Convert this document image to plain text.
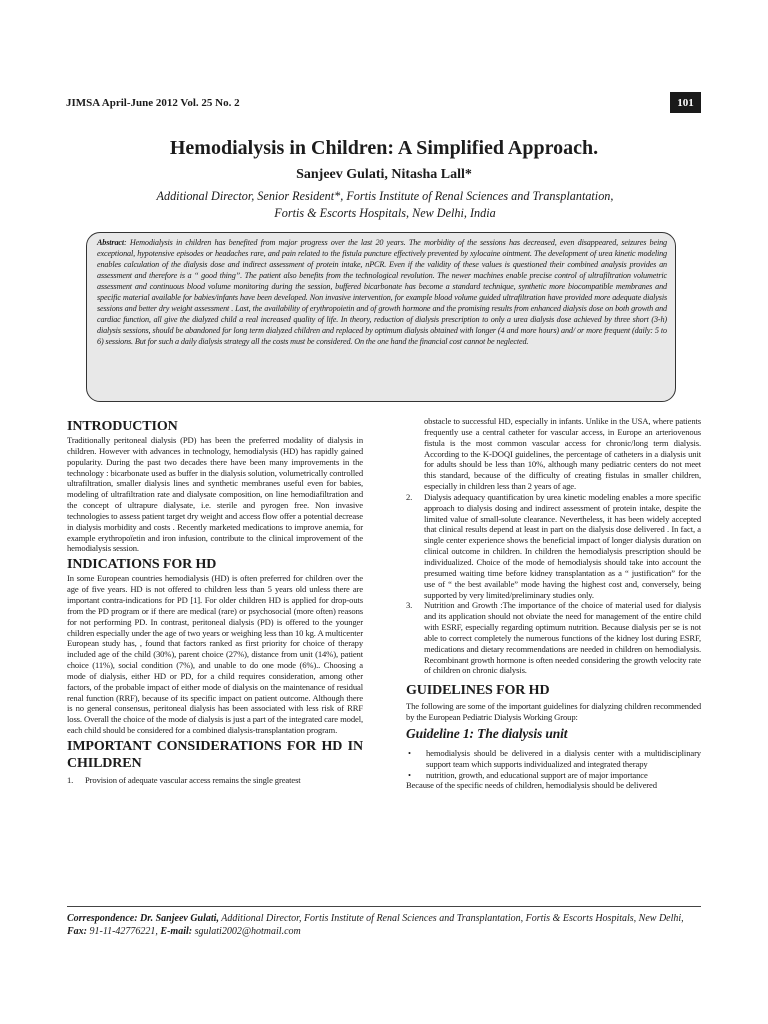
JIMSA April-June 2012 Vol. 25 No. 2	101
Hemodialysis in Children: A Simplified Approach.
Sanjeev Gulati, Nitasha Lall*
Additional Director, Senior Resident*, Fortis Institute of Renal Sciences and Transplantation,
Fortis & Escorts Hospitals, New Delhi, India
Abstract: Hemodialysis in children has benefited from major progress over the last 20 years. The morbidity of the sessions has decreased, even disappeared, seizures being exceptional, hypotensive episodes or headaches rare, and pain related to the fistula puncture effectively prevented by xylocaine ointment. The development of urea kinetic modeling enables calculation of the dialysis dose and indirect assessment of protein intake, nPCR. Even if the validity of these values is questioned their combined analysis provides an assessment and therefore is a “ good thing”. The patient also benefits from the technological revolution. The newer machines enable precise control of ultrafiltration volumetric assessment and continuous blood volume monitoring during the session, buffered bicarbonate has become a standard technique, synthetic more biocompatible membranes and specific material available for babies/infants have been developed. Non invasive intervention, for example blood volume guided ultrafiltration have provided more adequate dialysis sessions and better dry weight assessment . Last, the availability of erythropoietin and of growth hormone and the promising results from enhanced dialysis dose on both growth and cardiac function, all give the dialyzed child a real increased quality of life. In theory, reduction of dialysis prescription to only a urea dialysis dose achieved by three short (3-h) dialysis sessions, should be abandoned for long term dialyzed children and replaced by optimum dialysis obtained with longer (4 and more hours) and/ or more frequent (daily: 5 to 6) sessions. But for such a daily dialysis strategy all the costs must be considered. On the one hand the financial cost cannot be neglected.
INTRODUCTION

Traditionally peritoneal dialysis (PD) has been the preferred modality of dialysis in children. However with advances in technology, hemodialysis (HD) has rapidly gained popularity. During the past two decades there have been many improvements in the technology : bicarbonate used as buffer in the dialysis solution, volumetrically controlled ultrafiltration, smaller dialysis lines and synthetic membranes useful even for babies, modeling of ultrafiltration rate and dialysate composition, on line hemodiafiltration and the concept of ultrapure dialysate, i.e. sterile and pyrogen free. Non invasive technologies to assess patient target dry weight and access flow offer a potential decrease in dialysis morbidity and costs . Recently marketed medications to improve anemia, for example erythropoïetin and iron infusion, contribute to the clinical improvement of the hemodialysis session.

INDICATIONS FOR HD

In some European countries hemodialysis (HD) is often preferred for children over the age of five years. HD is not offered to children less than 5 years old unless there are important contra-indications for PD [1]. For older children HD is applied for drop-outs from the PD program or if there are medical (rare) or psychosocial (more often) reasons for not performing PD. In contrast, peritoneal dialysis (PD) is offered to the younger children especially under the age of two years or weighing less than 10 kg. A multicenter European study has, , found that factors ranked as first priority for choice of therapy included age of the child (30%), parent choice (27%), distance from unit (14%), patient choice (11%), social condition (7%), and unable to do one mode (6%).. Choosing a mode of dialysis, either HD or PD, for a child requires consideration, among other factors, of the probable impact of either mode of dialysis on the maintenance of residual renal function (RRF), because of its specific impact on patient outcome. Although there is no general consensus, peritoneal dialysis has been associated with less risk of RRF loss. Overall the choice of the mode of dialysis is just a part of the integrated care model, each child should be considered for a combined dialysis-transplantation program.

IMPORTANT CONSIDERATIONS FOR HD IN CHILDREN
1.	Provision of adequate vascular access remains the single greatest
obstacle to successful HD, especially in infants. Unlike in the USA, where patients frequently use a central catheter for vascular access, in Europe an arteriovenous fistula is the most common vascular access for chronic/long term dialysis. According to the K-DOQI guidelines, the percentage of catheters in a dialysis unit for adults should be less than 10%, although many pediatric centers do not meet this standard, because of the difficulty of creating fistulas in smaller children, especially in children less than 2 years of age.
2.	Dialysis adequacy quantification by urea kinetic modeling enables a more specific approach to dialysis dosing and indirect assessment of protein intake, despite the limited value of small-solute clearance. Nevertheless, it has been widely accepted that clinical results depend at least in part on the dialysis dose delivered . In fact, a single center experience shows the beneficial impact of longer dialysis duration on clinical outcome in children. In children the hemodialysis prescription should be individualized. Choice of the mode of hemodialysis should take into account the presumed waiting time before kidney transplantation as a “ justification” for the use of “ the best available” mode having the highest cost and, conversely, being supported by very limited/preliminary studies only.
3.	Nutrition and Growth :The importance of the choice of material used for dialysis and its application should not obviate the need for management of the entire child with ESRF, especially regarding optimum nutrition. Because dialysis per se is not able to correct completely the numerous functions of the kidney lost during ESRF, medications and dietary recommendations are needed in children on hemodialysis. Recombinant growth hormone is often needed considering the growth velocity rate of children on chronic dialysis.
GUIDELINES FOR HD

The following are some of the important guidelines for dialyzing children recommended by the European Pediatric Dialysis Working Group:

Guideline 1: The dialysis unit
•	hemodialysis should be delivered in a dialysis center with a multidisciplinary support team which supports individualized and integrated therapy
•	nutrition, growth, and educational support are of major importance

Because of the specific needs of children, hemodialysis should be delivered

Correspondence: Dr. Sanjeev Gulati, Additional Director, Fortis Institute of Renal Sciences and Transplantation, Fortis & Escorts Hospitals, New Delhi, Fax: 91-11-42776221, E-mail: sgulati2002@hotmail.com
